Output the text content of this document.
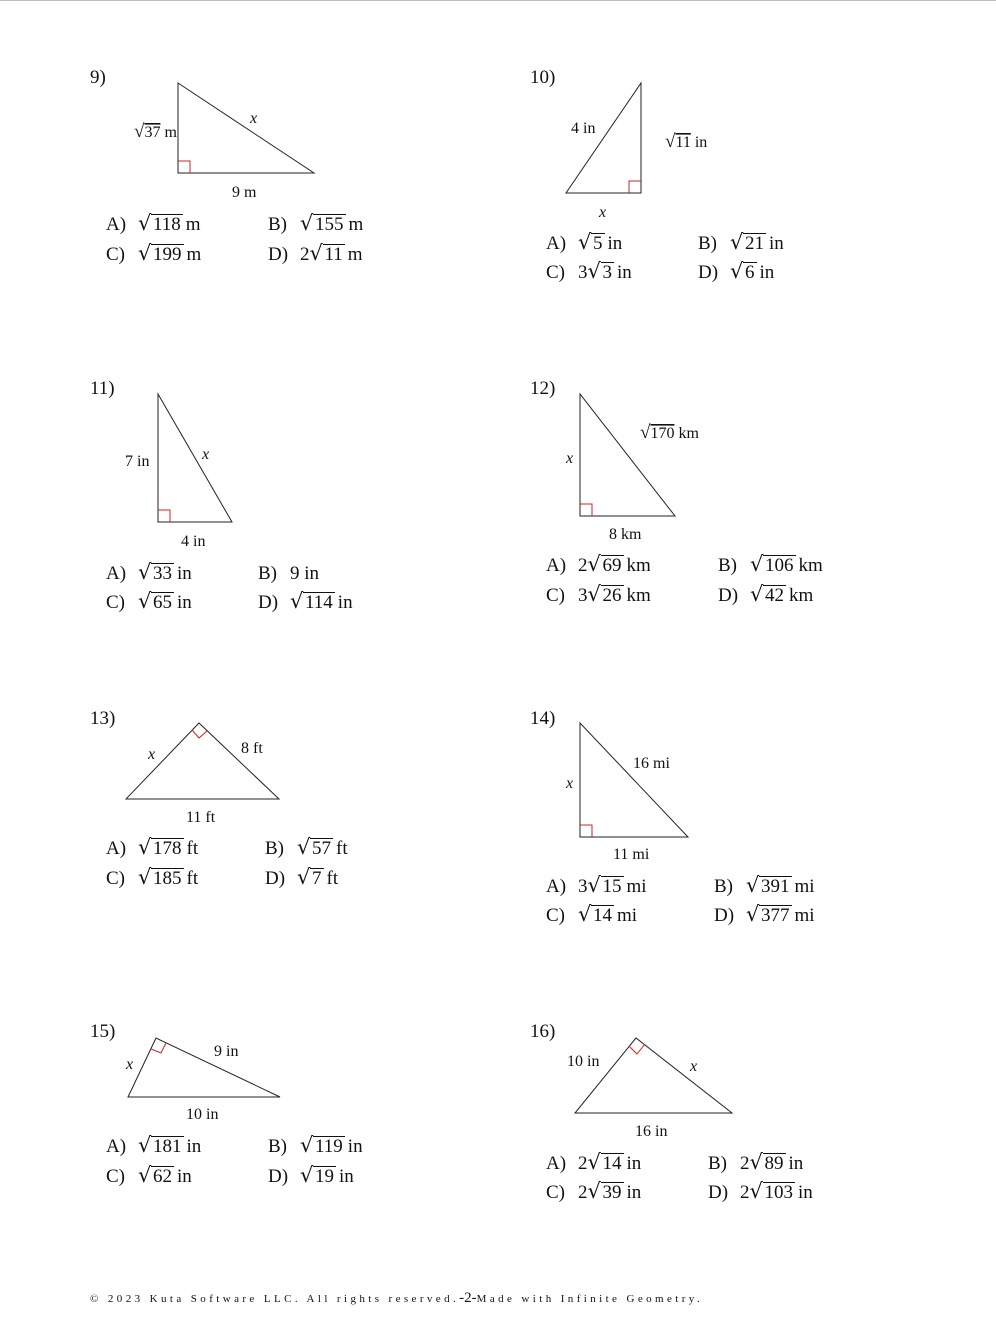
9)
√37 m
x
9 m
A) √ 118 m	B) √ 155 m
C) √ 199 m	D) 2 √ 11 m
10)
4 in
√11 in
x
A) √ 5 in	B) √ 21 in
C) 3 √ 3 in	D) √ 6 in
11)
7 in	x
4 in
A) √ 33 in	B) 9 in
C) √ 65 in	D) √ 114 in
12)
x
√170 km
8 km
A) 2 √ 69 km	B) √ 106 km
C) 3 √ 26 km	D) √ 42 km
13)
x	8 ft
11 ft
A) √ 178 ft	B) √ 57 ft
C) √ 185 ft	D) √ 7 ft
14)
x
16 mi
11 mi
A) 3 √ 15 mi	B) √ 391 mi
C) √ 14 mi	D) √ 377 mi
15)
x
9 in
10 in
A) √ 181 in	B) √ 119 in
C) √ 62 in	D) √ 19 in
16)
10 in	x
16 in
A) 2 √ 14 in	B) 2 √ 89 in
C) 2 √ 39 in	D) 2 √ 103 in
© 2023 Kuta Software LLC. All rights reserved.-2-Made with Infinite Geometry.
